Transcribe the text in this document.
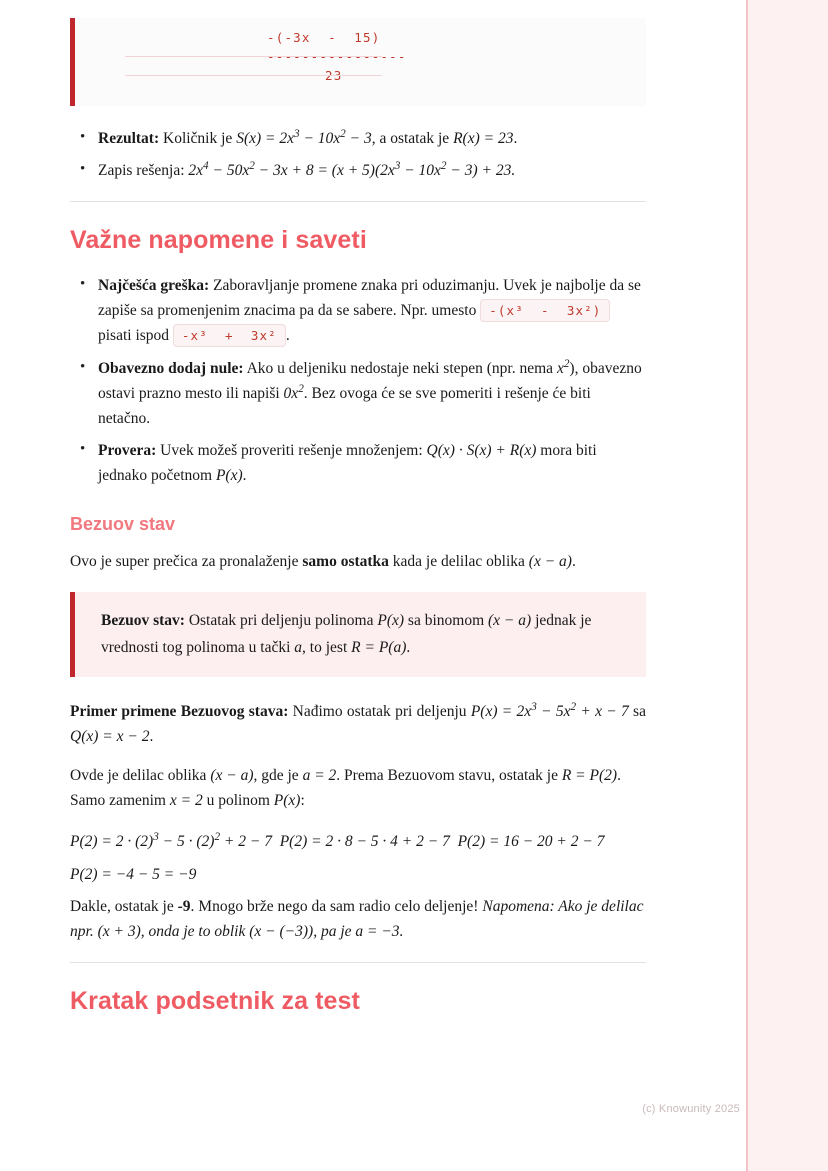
-(-3x  -  15)
----------------
23
• Rezultat: Količnik je $S(x) = 2x^3 - 10x^2 - 3$, a ostatak je R(x) = 23.
• Zapis rešenja: $2x^4 - 50x^2 - 3x + 8 = (x + 5)(2x^3 - 10x^2 - 3) + 23$.
Važne napomene i saveti
• Najčešća greška: Zaboravljanje promene znaka pri oduzimanju. Uvek je najbolje da se zapiše sa promenjenim znacima pa da se sabere. Npr. umesto -(x³  -  3x²) pisati ispod -x³  +  3x² .
• Obavezno dodaj nule: Ako u deljeniku nedostaje neki stepen (npr. nema $x^2$), obavezno ostavi prazno mesto ili napiši $0x^2$. Bez ovoga će se sve pomeriti i rešenje će biti netačno.
• Provera: Uvek možeš proveriti rešenje množenjem: Q(x) · S(x) + R(x) mora biti jednako početnom P(x).
Bezuov stav

Ovo je super prečica za pronalaženje samo ostatka kada je delilac oblika (x − a).

Bezuov stav: Ostatak pri deljenju polinoma P(x) sa binomom (x − a) jednak je vrednosti tog polinoma u tački a, to jest R = P(a).

Primer primene Bezuovog stava: Nađimo ostatak pri deljenju $P(x) = 2x^3 - 5x^2 + x - 7$ sa Q(x) = x − 2.

Ovde je delilac oblika (x − a), gde je a = 2. Prema Bezuovom stavu, ostatak je R = P(2). Samo zamenim x = 2 u polinom P(x):

$P(2) = 2 \cdot (2)^3 - 5 \cdot (2)^2 + 2 - 7$  P(2) = 2 · 8 − 5 · 4 + 2 − 7  P(2) = 16 − 20 + 2 − 7
P(2) = −4 − 5 = −9

Dakle, ostatak je -9. Mnogo brže nego da sam radio celo deljenje! Napomena: Ako je delilac npr. (x + 3), onda je to oblik (x − (−3)), pa je a = −3.

Kratak podsetnik za test
(c) Knowunity 2025
